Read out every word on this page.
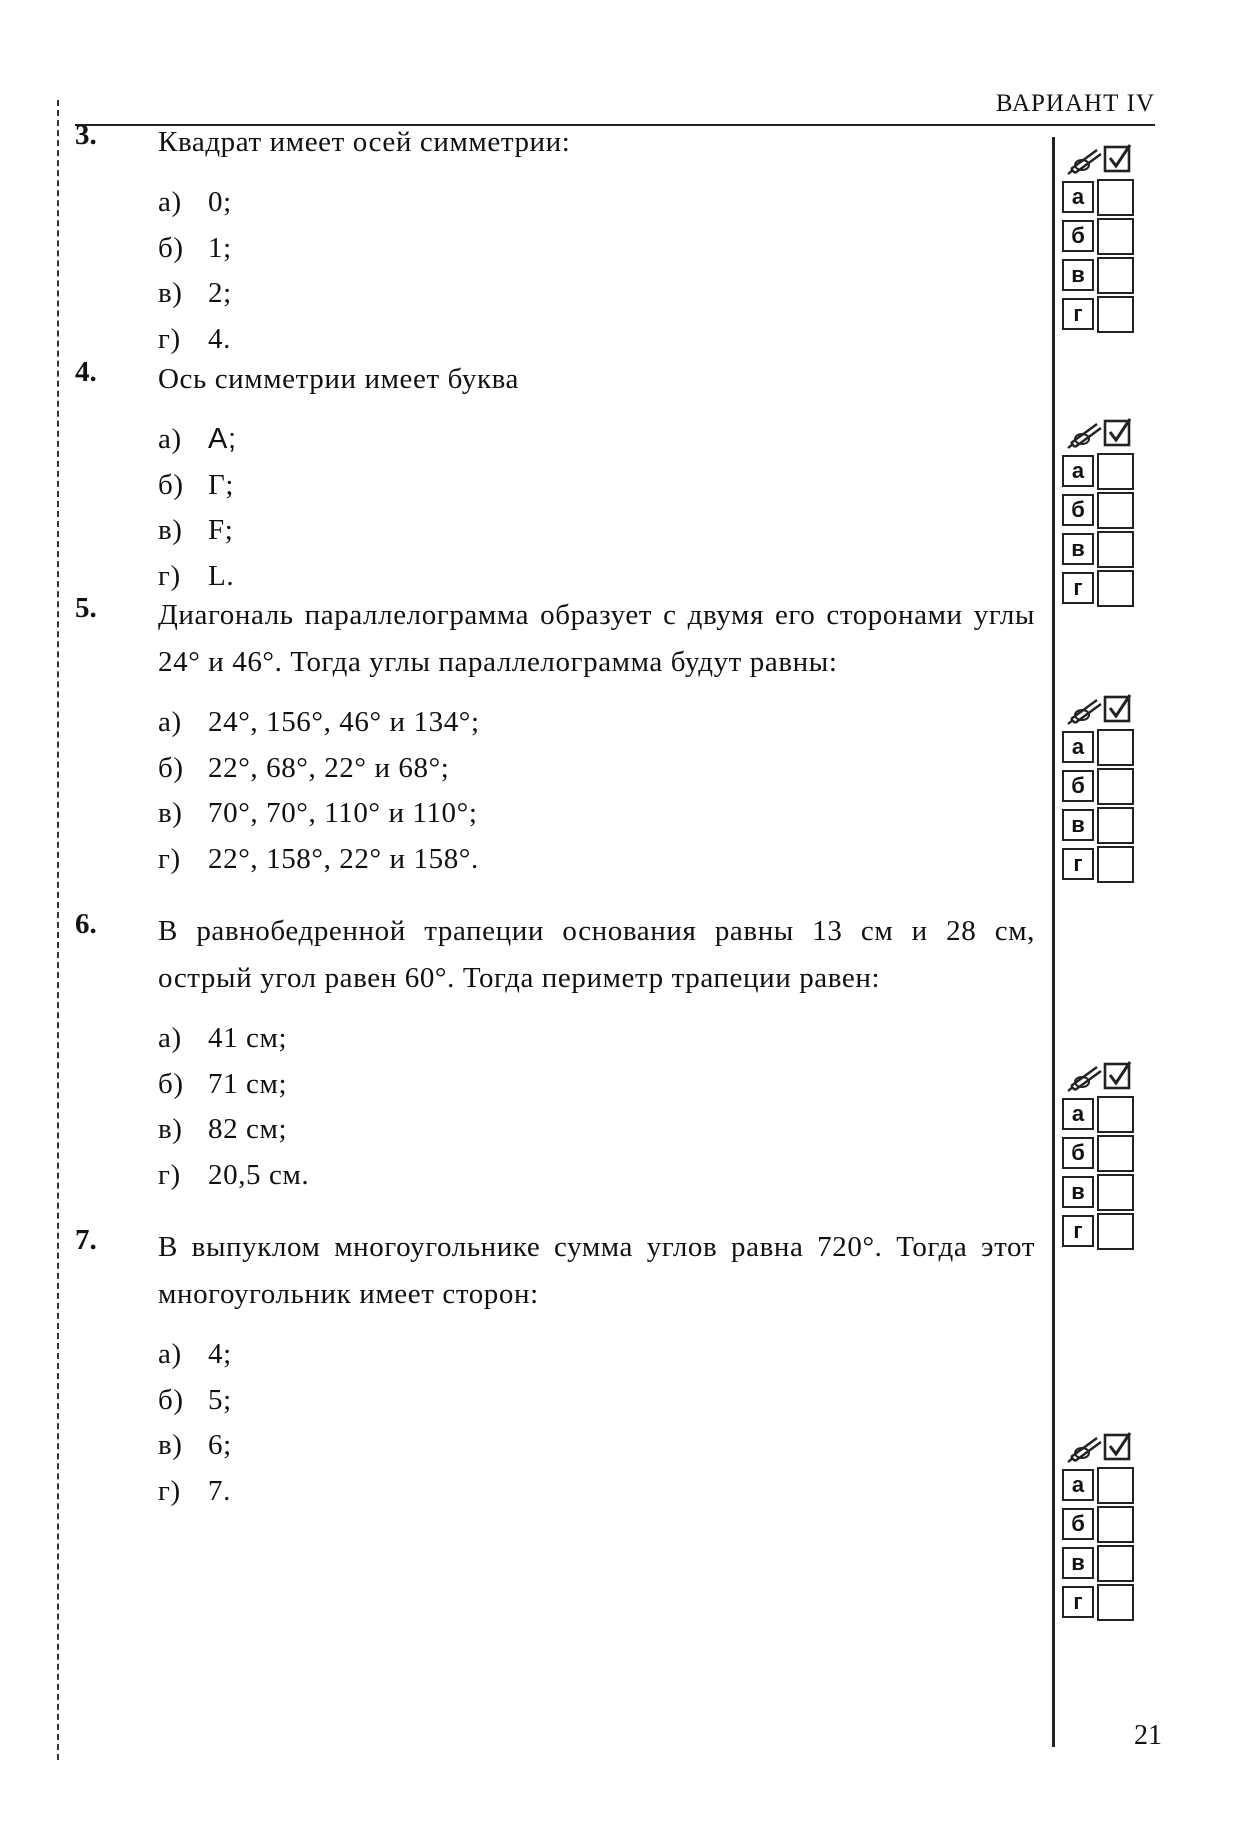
ВАРИАНТ IV
3. Квадрат имеет осей симметрии:
а) 0;
б) 1;
в) 2;
г) 4.
4. Ось симметрии имеет буква
а) А;
б) Г;
в) F;
г) L.
5. Диагональ параллелограмма образует с двумя его сторонами углы 24° и 46°. Тогда углы параллелограмма будут равны:
а) 24°, 156°, 46° и 134°;
б) 22°, 68°, 22° и 68°;
в) 70°, 70°, 110° и 110°;
г) 22°, 158°, 22° и 158°.
6. В равнобедренной трапеции основания равны 13 см и 28 см, острый угол равен 60°. Тогда периметр трапеции равен:
а) 41 см;
б) 71 см;
в) 82 см;
г) 20,5 см.
7. В выпуклом многоугольнике сумма углов равна 720°. Тогда этот многоугольник имеет сторон:
а) 4;
б) 5;
в) 6;
г) 7.
а
б
в
г
а
б
в
г
а
б
в
г
а
б
в
г
а
б
в
г
21
